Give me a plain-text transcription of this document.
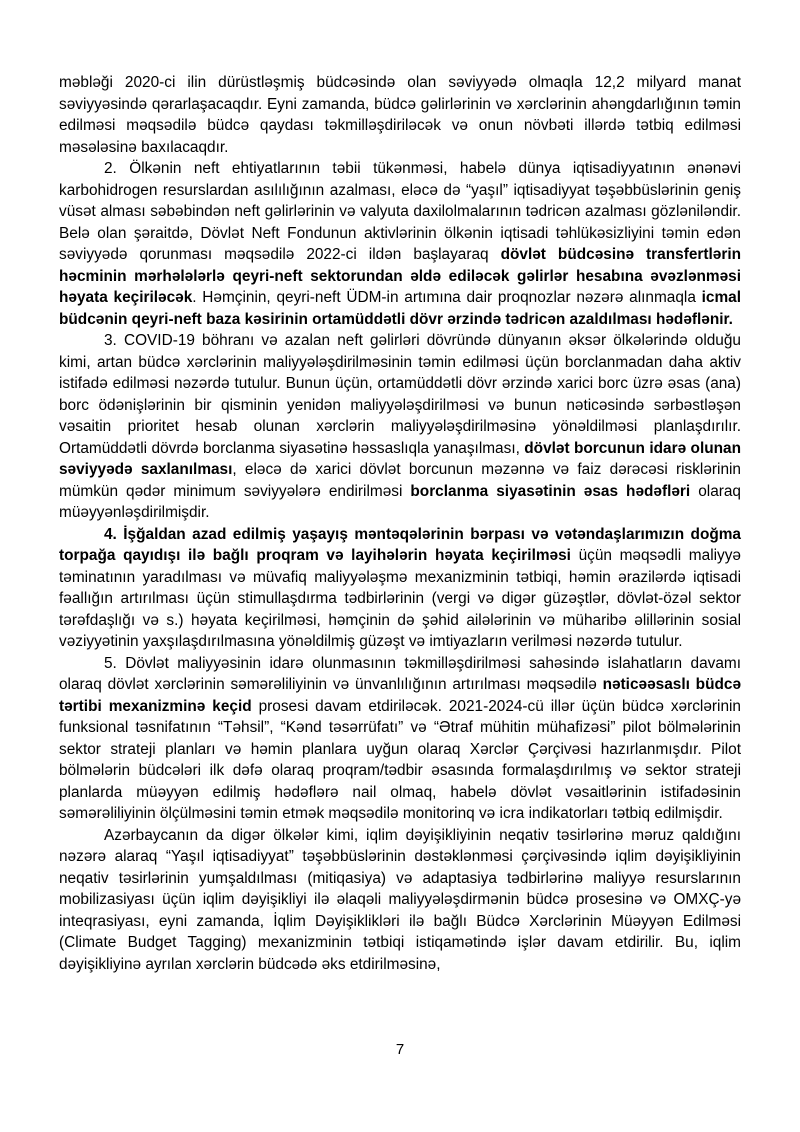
məbləği 2020-ci ilin dürüstləşmiş büdcəsində olan səviyyədə olmaqla 12,2 milyard manat səviyyəsində qərarlaşacaqdır. Eyni zamanda, büdcə gəlirlərinin və xərclərinin ahəngdarlığının təmin edilməsi məqsədilə büdcə qaydası təkmilləşdiriləcək və onun növbəti illərdə tətbiq edilməsi məsələsinə baxılacaqdır.

2. Ölkənin neft ehtiyatlarının təbii tükənməsi, habelə dünya iqtisadiyyatının ənənəvi karbohidrogen resurslardan asılılığının azalması, eləcə də “yaşıl” iqtisadiyyat təşəbbüslərinin geniş vüsət alması səbəbindən neft gəlirlərinin və valyuta daxilolmalarının tədricən azalması gözləniləndir. Belə olan şəraitdə, Dövlət Neft Fondunun aktivlərinin ölkənin iqtisadi təhlükəsizliyini təmin edən səviyyədə qorunması məqsədilə 2022-ci ildən başlayaraq dövlət büdcəsinə transfertlərin həcminin mərhələlərlə qeyri-neft sektorundan əldə ediləcək gəlirlər hesabına əvəzlənməsi həyata keçiriləcək. Həmçinin, qeyri-neft ÜDM-in artımına dair proqnozlar nəzərə alınmaqla icmal büdcənin qeyri-neft baza kəsirinin ortamüddətli dövr ərzində tədricən azaldılması hədəflənir.

3. COVID-19 böhranı və azalan neft gəlirləri dövründə dünyanın əksər ölkələrində olduğu kimi, artan büdcə xərclərinin maliyyələşdirilməsinin təmin edilməsi üçün borclanmadan daha aktiv istifadə edilməsi nəzərdə tutulur. Bunun üçün, ortamüddətli dövr ərzində xarici borc üzrə əsas (ana) borc ödənişlərinin bir qisminin yenidən maliyyələşdirilməsi və bunun nəticəsində sərbəstləşən vəsaitin prioritet hesab olunan xərclərin maliyyələşdirilməsinə yönəldilməsi planlaşdırılır. Ortamüddətli dövrdə borclanma siyasətinə həssaslıqla yanaşılması, dövlət borcunun idarə olunan səviyyədə saxlanılması, eləcə də xarici dövlət borcunun məzənnə və faiz dərəcəsi risklərinin mümkün qədər minimum səviyyələrə endirilməsi borclanma siyasətinin əsas hədəfləri olaraq müəyyənləşdirilmişdir.

4. İşğaldan azad edilmiş yaşayış məntəqələrinin bərpası və vətəndaşlarımızın doğma torpağa qayıdışı ilə bağlı proqram və layihələrin həyata keçirilməsi üçün məqsədli maliyyə təminatının yaradılması və müvafiq maliyyələşmə mexanizminin tətbiqi, həmin ərazilərdə iqtisadi fəallığın artırılması üçün stimullaşdırma tədbirlərinin (vergi və digər güzəştlər, dövlət-özəl sektor tərəfdaşlığı və s.) həyata keçirilməsi, həmçinin də şəhid ailələrinin və müharibə əlillərinin sosial vəziyyətinin yaxşılaşdırılmasına yönəldilmiş güzəşt və imtiyazların verilməsi nəzərdə tutulur.

5. Dövlət maliyyəsinin idarə olunmasının təkmilləşdirilməsi sahəsində islahatların davamı olaraq dövlət xərclərinin səmərəliliyinin və ünvanlılığının artırılması məqsədilə nəticəəsaslı büdcə tərtibi mexanizminə keçid prosesi davam etdiriləcək. 2021-2024-cü illər üçün büdcə xərclərinin funksional təsnifatının “Təhsil”, “Kənd təsərrüfatı” və “Ətraf mühitin mühafizəsi” pilot bölmələrinin sektor strateji planları və həmin planlara uyğun olaraq Xərclər Çərçivəsi hazırlanmışdır. Pilot bölmələrin büdcələri ilk dəfə olaraq proqram/tədbir əsasında formalaşdırılmış və sektor strateji planlarda müəyyən edilmiş hədəflərə nail olmaq, habelə dövlət vəsaitlərinin istifadəsinin səmərəliliyinin ölçülməsini təmin etmək məqsədilə monitorinq və icra indikatorları tətbiq edilmişdir.

Azərbaycanın da digər ölkələr kimi, iqlim dəyişikliyinin neqativ təsirlərinə məruz qaldığını nəzərə alaraq “Yaşıl iqtisadiyyat” təşəbbüslərinin dəstəklənməsi çərçivəsində iqlim dəyişikliyinin neqativ təsirlərinin yumşaldılması (mitiqasiya) və adaptasiya tədbirlərinə maliyyə resurslarının mobilizasiyası üçün iqlim dəyişikliyi ilə əlaqəli maliyyələşdirmənin büdcə prosesinə və OMXÇ-yə inteqrasiyası, eyni zamanda, İqlim Dəyişiklikləri ilə bağlı Büdcə Xərclərinin Müəyyən Edilməsi (Climate Budget Tagging) mexanizminin tətbiqi istiqamətində işlər davam etdirilir. Bu, iqlim dəyişikliyinə ayrılan xərclərin büdcədə əks etdirilməsinə,

7
